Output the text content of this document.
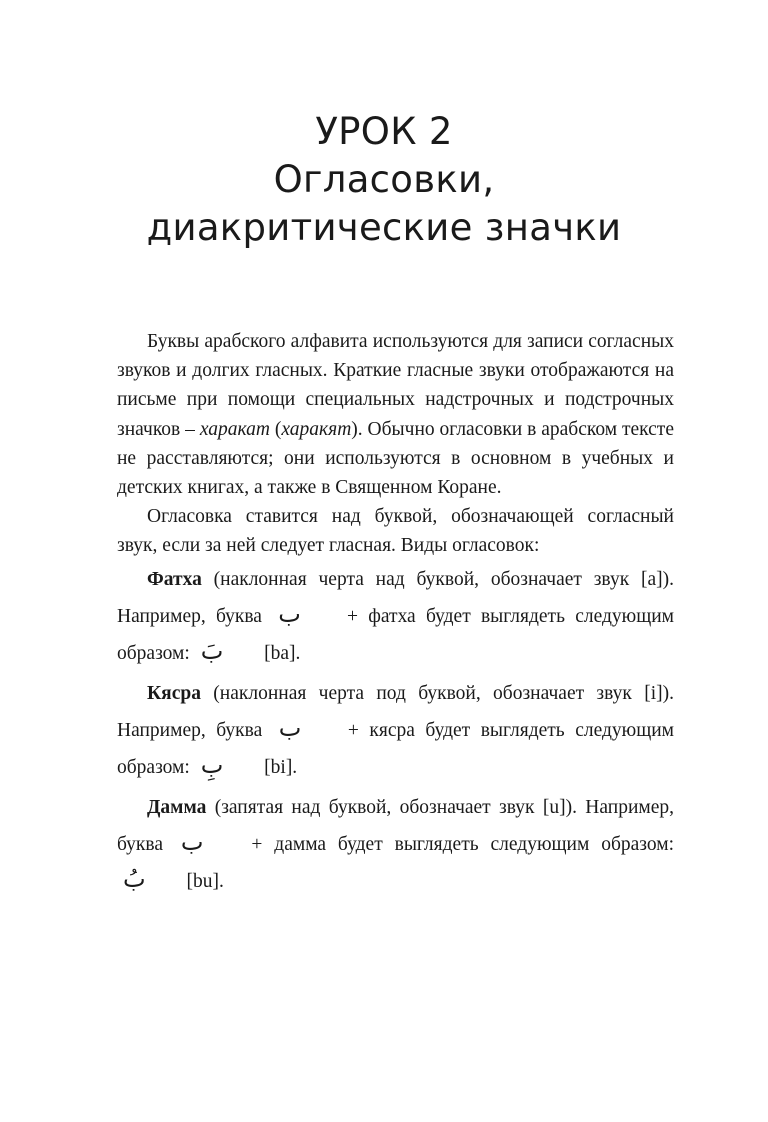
УРОК 2
Огласовки,
диакритические значки

Буквы арабского алфавита используются для записи согласных звуков и долгих гласных. Краткие гласные звуки отображаются на письме при помощи специальных надстрочных и подстрочных значков – харакат (харакят). Обычно огласовки в арабском тексте не расставляются; они используются в основном в учебных и детских книгах, а также в Священном Коране.

Огласовка ставится над буквой, обозначающей согласный звук, если за ней следует гласная. Виды огласовок:

Фатха (наклонная черта над буквой, обозначает звук [a]). Например, буква ب + фатха будет выглядеть следующим образом: بَ [ba].

Кясра (наклонная черта под буквой, обозначает звук [i]). Например, буква ب + кясра будет выглядеть следующим образом: بِ [bi].

Дамма (запятая над буквой, обозначает звук [u]). Например, буква ب + дамма будет выглядеть следующим образом: بُ [bu].
